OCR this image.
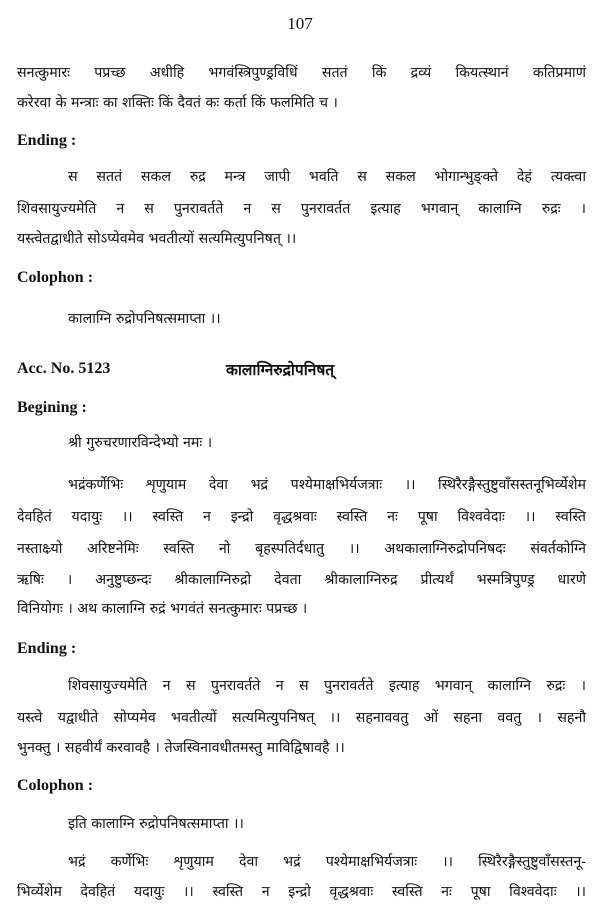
107
सनत्कुमारः पप्रच्छ अधीहि भगवंस्त्रिपुण्ड्रविधिं सततं किं द्रव्यं कियत्स्थानं कतिप्रमाणं
करेरवा के मन्त्राः का शक्तिः किं दैवतं कः कर्ता किं फलमिति च ।
Ending :
स सततं सकल रुद्र मन्त्र जापी भवति स सकल भोगान्भुङ्क्ते देहं त्यक्त्वा
शिवसायुज्यमेति न स पुनरावर्तते न स पुनरावर्तत इत्याह भगवान् कालाग्नि रुद्रः ।
यस्त्वेतद्वाधीते सोऽप्येवमेव भवतीत्यों सत्यमित्युपनिषत् ।।
Colophon :
कालाग्नि रुद्रोपनिषत्समाप्ता ।।
Acc. No. 5123	कालाग्निरुद्रोपनिषत्
Begining :
श्री गुरुचरणारविन्देभ्यो नमः ।
भद्रंकर्णेभिः शृणुयाम देवा भद्रं पश्येमाक्षभिर्यजत्राः ।। स्थिरैरङ्गैस्तुष्टुवाँसस्तनूभिर्व्येशेम
देवहितं यदायुः ।। स्वस्ति न इन्द्रो वृद्धश्रवाः स्वस्ति नः पूषा विश्ववेदाः ।। स्वस्ति
नस्ताक्ष्र्यो अरिष्टनेमिः स्वस्ति नो बृहस्पतिर्दधातु ।। अथकालाग्निरुद्रोपनिषदः संवर्तकोग्नि
ऋषिः । अनुष्टुप्छन्दः श्रीकालाग्निरुद्रो देवता श्रीकालाग्निरुद्र प्रीत्यर्थं भस्मत्रिपुण्ड्र धारणे
विनियोगः । अथ कालाग्नि रुद्रं भगवंतं सनत्कुमारः पप्रच्छ ।
Ending :
शिवसायुज्यमेति न स पुनरावर्तते न स पुनरावर्तते इत्याह भगवान् कालाग्नि रुद्रः ।
यस्त्वे यद्वाधीते सोप्यमेव भवतीत्यों सत्यमित्युपनिषत् ।। सहनाववतु ओं सहना ववतु । सहनौ
भुनक्तु । सहवीर्यं करवावहै । तेजस्विनावधीतमस्तु माविद्विषावहै ।।
Colophon :
इति कालाग्नि रुद्रोपनिषत्समाप्ता ।।
भद्रं कर्णेभिः शृणुयाम देवा भद्रं पश्येमाक्षभिर्यजत्राः ।। स्थिरैरङ्गैस्तुष्टुवाँसस्तनू-
भिर्व्येशेम देवहितं यदायुः ।। स्वस्ति न इन्द्रो वृद्धश्रवाः स्वस्ति नः पूषा विश्ववेदाः ।।
